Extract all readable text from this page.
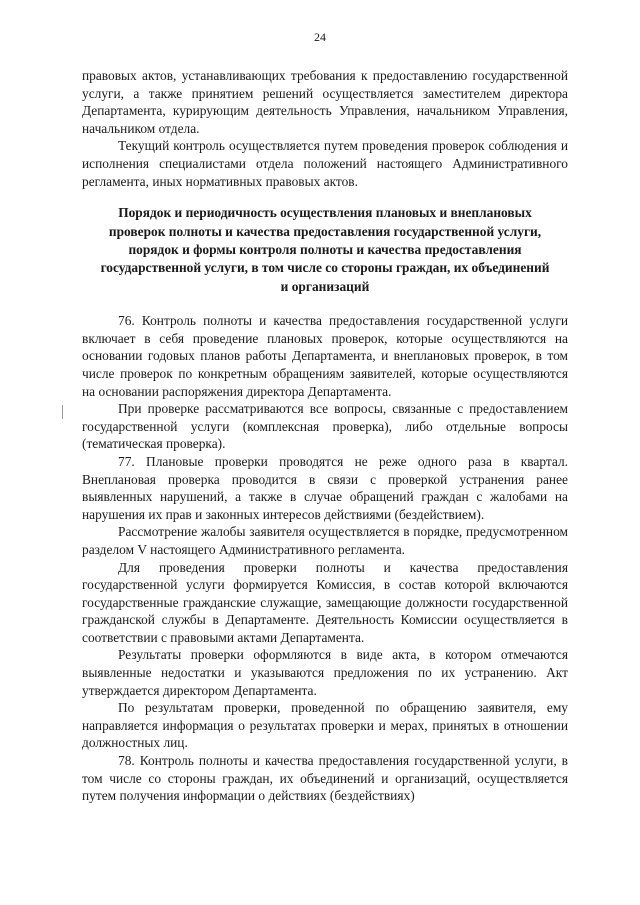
24

правовых актов, устанавливающих требования к предоставлению государственной услуги, а также принятием решений осуществляется заместителем директора Департамента, курирующим деятельность Управления, начальником Управления, начальником отдела.

Текущий контроль осуществляется путем проведения проверок соблюдения и исполнения специалистами отдела положений настоящего Административного регламента, иных нормативных правовых актов.

Порядок и периодичность осуществления плановых и внеплановых проверок полноты и качества предоставления государственной услуги, порядок и формы контроля полноты и качества предоставления государственной услуги, в том числе со стороны граждан, их объединений и организаций

76. Контроль полноты и качества предоставления государственной услуги включает в себя проведение плановых проверок, которые осуществляются на основании годовых планов работы Департамента, и внеплановых проверок, в том числе проверок по конкретным обращениям заявителей, которые осуществляются на основании распоряжения директора Департамента.

При проверке рассматриваются все вопросы, связанные с предоставлением государственной услуги (комплексная проверка), либо отдельные вопросы (тематическая проверка).

77. Плановые проверки проводятся не реже одного раза в квартал. Внеплановая проверка проводится в связи с проверкой устранения ранее выявленных нарушений, а также в случае обращений граждан с жалобами на нарушения их прав и законных интересов действиями (бездействием).

Рассмотрение жалобы заявителя осуществляется в порядке, предусмотренном разделом V настоящего Административного регламента.

Для проведения проверки полноты и качества предоставления государственной услуги формируется Комиссия, в состав которой включаются государственные гражданские служащие, замещающие должности государственной гражданской службы в Департаменте. Деятельность Комиссии осуществляется в соответствии с правовыми актами Департамента.

Результаты проверки оформляются в виде акта, в котором отмечаются выявленные недостатки и указываются предложения по их устранению. Акт утверждается директором Департамента.

По результатам проверки, проведенной по обращению заявителя, ему направляется информация о результатах проверки и мерах, принятых в отношении должностных лиц.

78. Контроль полноты и качества предоставления государственной услуги, в том числе со стороны граждан, их объединений и организаций, осуществляется путем получения информации о действиях (бездействиях)
